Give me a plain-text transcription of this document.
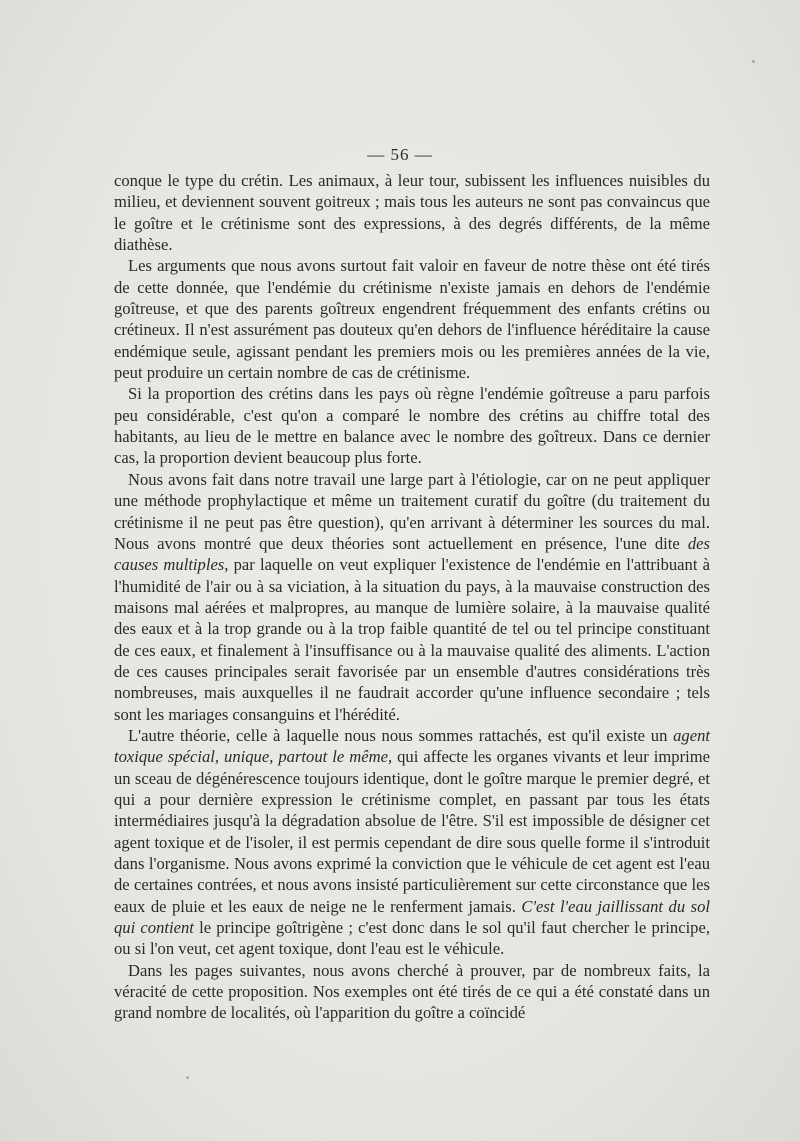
— 56 —

conque le type du crétin. Les animaux, à leur tour, subissent les influences nuisibles du milieu, et deviennent souvent goitreux ; mais tous les auteurs ne sont pas convaincus que le goître et le crétinisme sont des expressions, à des degrés différents, de la même diathèse.

Les arguments que nous avons surtout fait valoir en faveur de notre thèse ont été tirés de cette donnée, que l'endémie du crétinisme n'existe jamais en dehors de l'endémie goîtreuse, et que des parents goîtreux engendrent fréquemment des enfants crétins ou crétineux. Il n'est assurément pas douteux qu'en dehors de l'influence héréditaire la cause endémique seule, agissant pendant les premiers mois ou les premières années de la vie, peut produire un certain nombre de cas de crétinisme.

Si la proportion des crétins dans les pays où règne l'endémie goîtreuse a paru parfois peu considérable, c'est qu'on a comparé le nombre des crétins au chiffre total des habitants, au lieu de le mettre en balance avec le nombre des goîtreux. Dans ce dernier cas, la proportion devient beaucoup plus forte.

Nous avons fait dans notre travail une large part à l'étiologie, car on ne peut appliquer une méthode prophylactique et même un traitement curatif du goître (du traitement du crétinisme il ne peut pas être question), qu'en arrivant à déterminer les sources du mal. Nous avons montré que deux théories sont actuellement en présence, l'une dite des causes multiples, par laquelle on veut expliquer l'existence de l'endémie en l'attribuant à l'humidité de l'air ou à sa viciation, à la situation du pays, à la mauvaise construction des maisons mal aérées et malpropres, au manque de lumière solaire, à la mauvaise qualité des eaux et à la trop grande ou à la trop faible quantité de tel ou tel principe constituant de ces eaux, et finalement à l'insuffisance ou à la mauvaise qualité des aliments. L'action de ces causes principales serait favorisée par un ensemble d'autres considérations très nombreuses, mais auxquelles il ne faudrait accorder qu'une influence secondaire ; tels sont les mariages consanguins et l'hérédité.

L'autre théorie, celle à laquelle nous nous sommes rattachés, est qu'il existe un agent toxique spécial, unique, partout le même, qui affecte les organes vivants et leur imprime un sceau de dégénérescence toujours identique, dont le goître marque le premier degré, et qui a pour dernière expression le crétinisme complet, en passant par tous les états intermédiaires jusqu'à la dégradation absolue de l'être. S'il est impossible de désigner cet agent toxique et de l'isoler, il est permis cependant de dire sous quelle forme il s'introduit dans l'organisme. Nous avons exprimé la conviction que le véhicule de cet agent est l'eau de certaines contrées, et nous avons insisté particulièrement sur cette circonstance que les eaux de pluie et les eaux de neige ne le renferment jamais. C'est l'eau jaillissant du sol qui contient le principe goîtrigène ; c'est donc dans le sol qu'il faut chercher le principe, ou si l'on veut, cet agent toxique, dont l'eau est le véhicule.

Dans les pages suivantes, nous avons cherché à prouver, par de nombreux faits, la véracité de cette proposition. Nos exemples ont été tirés de ce qui a été constaté dans un grand nombre de localités, où l'apparition du goître a coïncidé
